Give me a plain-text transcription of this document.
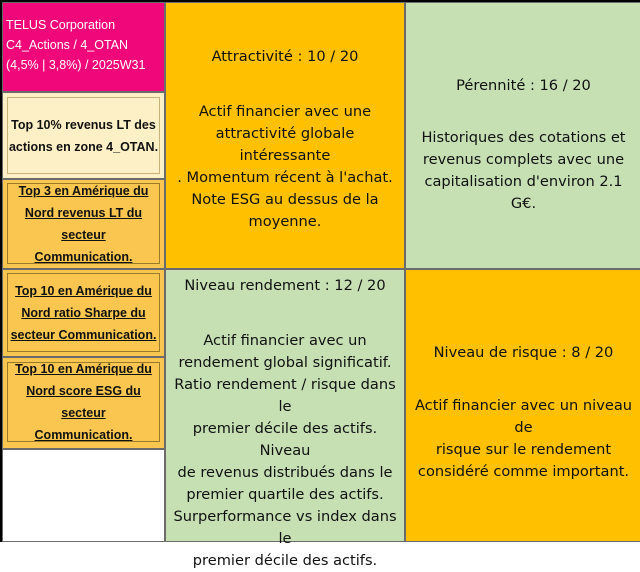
TELUS Corporation
C4_Actions / 4_OTAN
(4,5% | 3,8%) / 2025W31
Top 10% revenus LT des
actions en zone 4_OTAN.
Top 3 en Amérique du
Nord revenus LT du secteur
Communication.
Top 10 en Amérique du
Nord ratio Sharpe du
secteur Communication.
Top 10 en Amérique du
Nord score ESG du secteur
Communication.
Attractivité : 10 / 20
Actif financier avec une
attractivité globale intéressante
. Momentum récent à l'achat.
Note ESG au dessus de la
moyenne.
Pérennité : 16 / 20
Historiques des cotations et
revenus complets avec une
capitalisation d'environ 2.1 G€.
Niveau rendement : 12 / 20
Actif financier avec un
rendement global significatif.
Ratio rendement / risque dans le
premier décile des actifs. Niveau
de revenus distribués dans le
premier quartile des actifs.
Surperformance vs index dans le
premier décile des actifs.
Niveau de risque : 8 / 20
Actif financier avec un niveau de
risque sur le rendement
considéré comme important.
